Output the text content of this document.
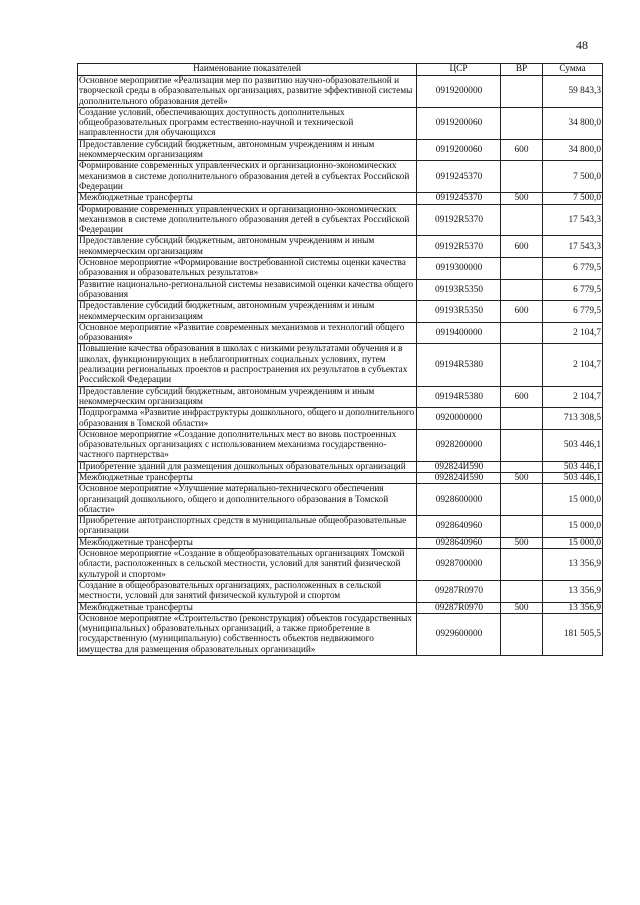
48
Наименование показателей	ЦСР	ВР	Сумма
Основное мероприятие «Реализация мер по развитию научно-образовательной и творческой среды в образовательных организациях, развитие эффективной системы дополнительного образования детей»	0919200000		59 843,3
Создание условий, обеспечивающих доступность дополнительных общеобразовательных программ естественно-научной и технической направленности для обучающихся	0919200060		34 800,0
Предоставление субсидий бюджетным, автономным учреждениям и иным некоммерческим организациям	0919200060	600	34 800,0
Формирование современных управленческих и организационно-экономических механизмов в системе дополнительного образования детей в субъектах Российской Федерации	0919245370		7 500,0
Межбюджетные трансферты	0919245370	500	7 500,0
Формирование современных управленческих и организационно-экономических механизмов в системе дополнительного образования детей в субъектах Российской Федерации	09192R5370		17 543,3
Предоставление субсидий бюджетным, автономным учреждениям и иным некоммерческим организациям	09192R5370	600	17 543,3
Основное мероприятие «Формирование востребованной системы оценки качества образования и образовательных результатов»	0919300000		6 779,5
Развитие национально-региональной системы независимой оценки качества общего образования	09193R5350		6 779,5
Предоставление субсидий бюджетным, автономным учреждениям и иным некоммерческим организациям	09193R5350	600	6 779,5
Основное мероприятие «Развитие современных механизмов и технологий общего образования»	0919400000		2 104,7
Повышение качества образования в школах с низкими результатами обучения и в школах, функционирующих в неблагоприятных социальных условиях, путем реализации региональных проектов и распространения их результатов в субъектах Российской Федерации	09194R5380		2 104,7
Предоставление субсидий бюджетным, автономным учреждениям и иным некоммерческим организациям	09194R5380	600	2 104,7
Подпрограмма «Развитие инфраструктуры дошкольного, общего и дополнительного образования в Томской области»	0920000000		713 308,5
Основное мероприятие «Создание дополнительных мест во вновь построенных образовательных организациях с использованием механизма государственно-частного партнерства»	0928200000		503 446,1
Приобретение зданий для размещения дошкольных образовательных организаций	092824И590		503 446,1
Межбюджетные трансферты	092824И590	500	503 446,1
Основное мероприятие «Улучшение материально-технического обеспечения организаций дошкольного, общего и дополнительного образования в Томской области»	0928600000		15 000,0
Приобретение автотранспортных средств в муниципальные общеобразовательные организации	0928640960		15 000,0
Межбюджетные трансферты	0928640960	500	15 000,0
Основное мероприятие «Создание в общеобразовательных организациях Томской области, расположенных в сельской местности, условий для занятий физической культурой и спортом»	0928700000		13 356,9
Создание в общеобразовательных организациях, расположенных в сельской местности, условий для занятий физической культурой и спортом	09287R0970		13 356,9
Межбюджетные трансферты	09287R0970	500	13 356,9
Основное мероприятие «Строительство (реконструкция) объектов государственных (муниципальных) образовательных организаций, а также приобретение в государственную (муниципальную) собственность объектов недвижимого имущества для размещения образовательных организаций»	0929600000		181 505,5
